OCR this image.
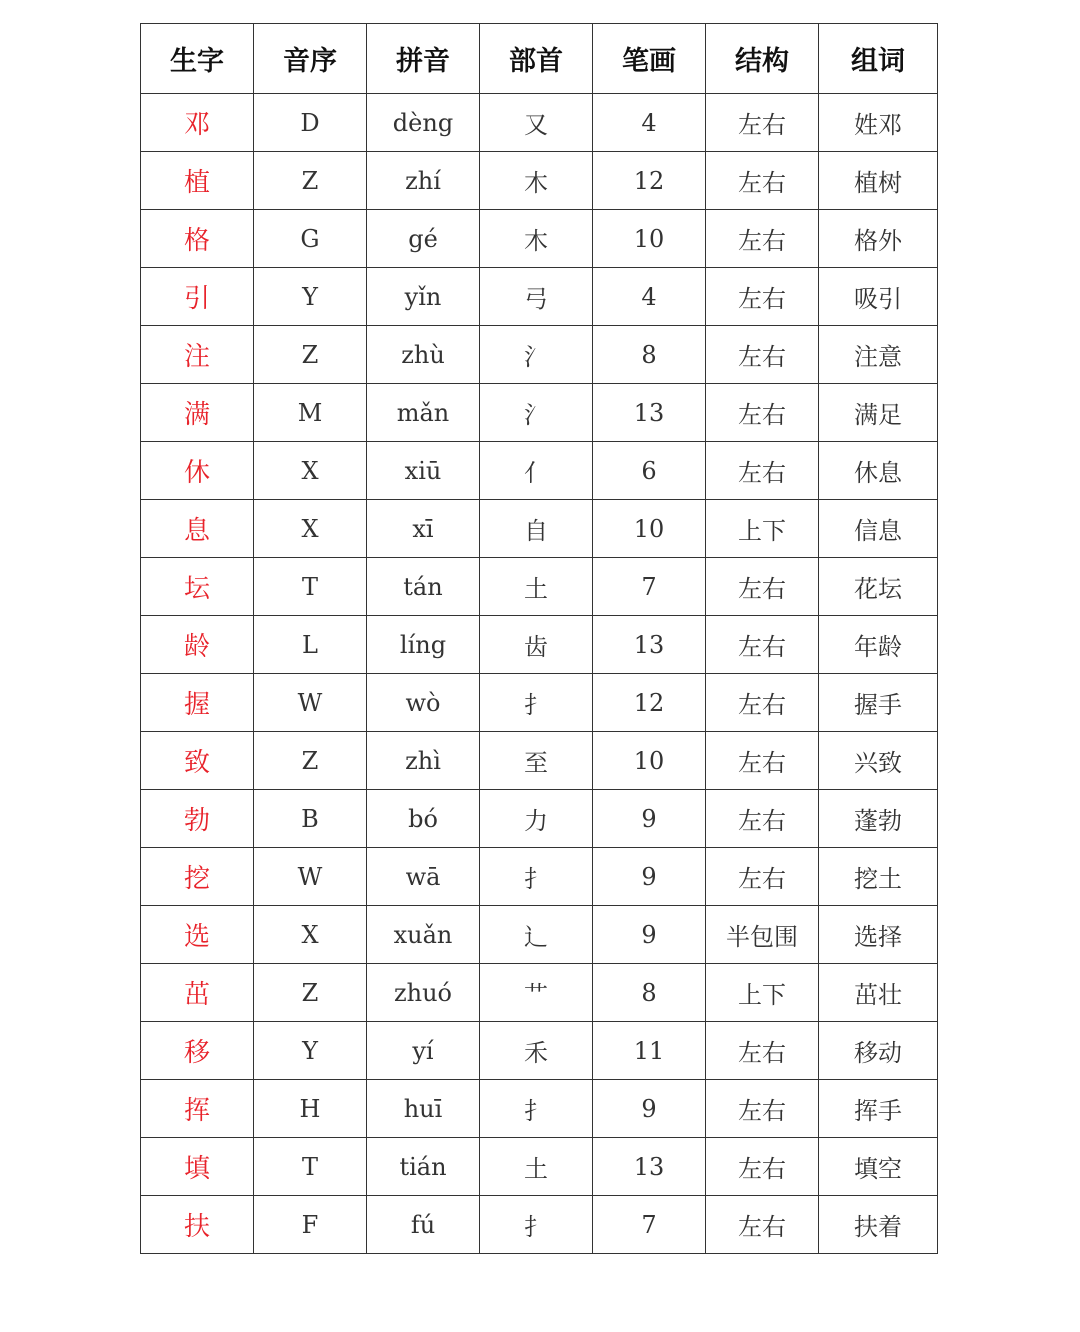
生字	音序	拼音	部首	笔画	结构	组词
邓	D	dèng	又	4	左右	姓邓
植	Z	zhí	木	12	左右	植树
格	G	gé	木	10	左右	格外
引	Y	yǐn	弓	4	左右	吸引
注	Z	zhù	氵	8	左右	注意
满	M	mǎn	氵	13	左右	满足
休	X	xiū	亻	6	左右	休息
息	X	xī	自	10	上下	信息
坛	T	tán	土	7	左右	花坛
龄	L	líng	齿	13	左右	年龄
握	W	wò	扌	12	左右	握手
致	Z	zhì	至	10	左右	兴致
勃	B	bó	力	9	左右	蓬勃
挖	W	wā	扌	9	左右	挖土
选	X	xuǎn	辶	9	半包围	选择
茁	Z	zhuó	艹	8	上下	茁壮
移	Y	yí	禾	11	左右	移动
挥	H	huī	扌	9	左右	挥手
填	T	tián	土	13	左右	填空
扶	F	fú	扌	7	左右	扶着
